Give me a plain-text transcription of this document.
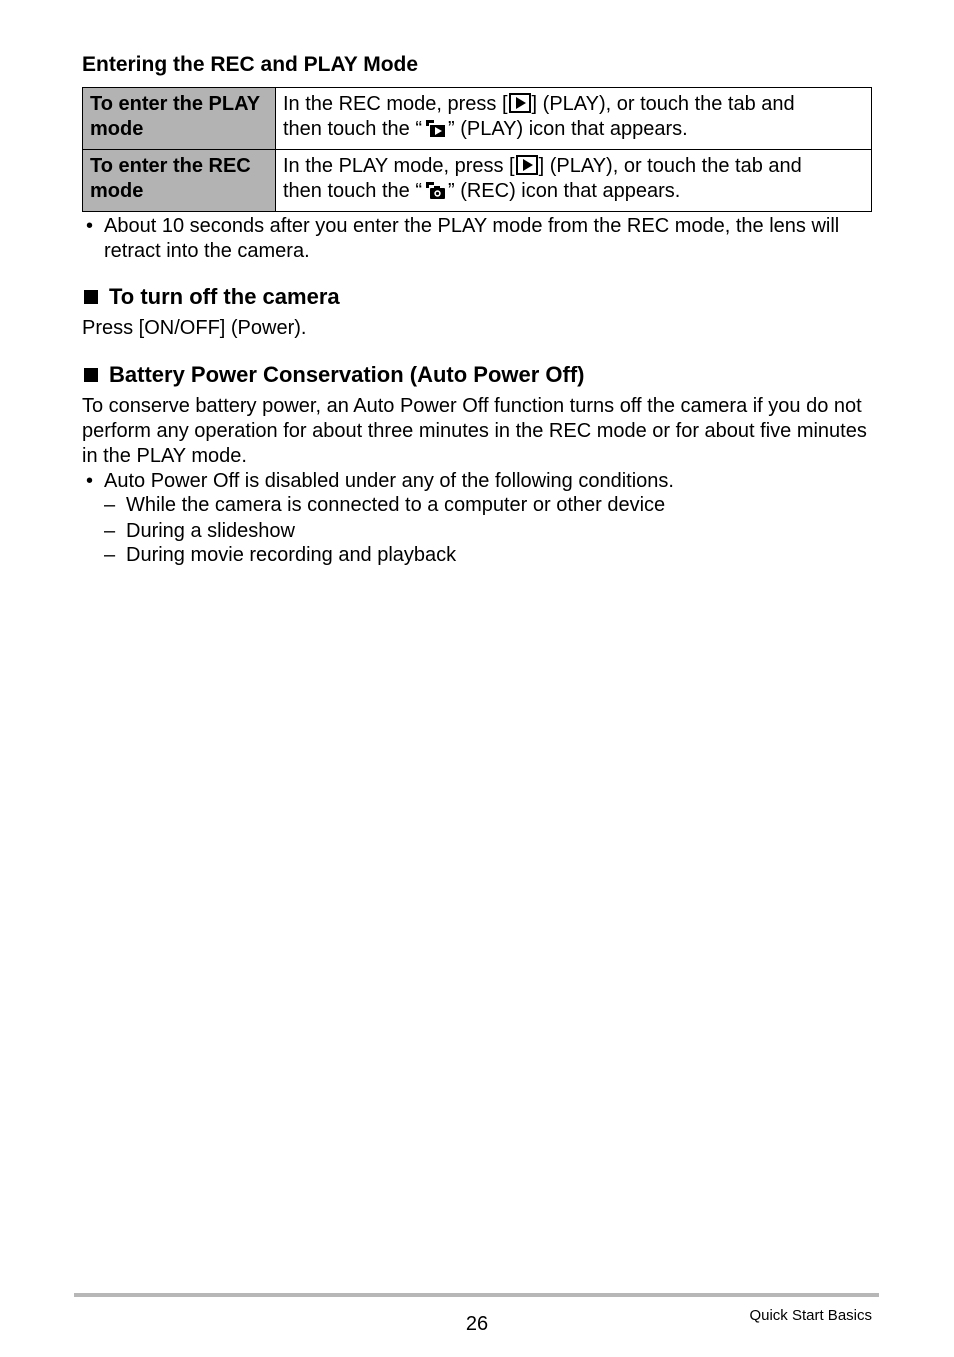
Entering the REC and PLAY Mode
To enter the PLAY mode	In the REC mode, press [ ] (PLAY), or touch the tab and
then touch the “ ” (PLAY) icon that appears.
To enter the REC mode	In the PLAY mode, press [ ] (PLAY), or touch the tab and
then touch the “ ” (REC) icon that appears.
• About 10 seconds after you enter the PLAY mode from the REC mode, the lens will retract into the camera.
To turn off the camera

Press [ON/OFF] (Power).

Battery Power Conservation (Auto Power Off)

To conserve battery power, an Auto Power Off function turns off the camera if you do not perform any operation for about three minutes in the REC mode or for about five minutes in the PLAY mode.

• Auto Power Off is disabled under any of the following conditions.
– While the camera is connected to a computer or other device
– During a slideshow
– During movie recording and playback
26	Quick Start Basics
